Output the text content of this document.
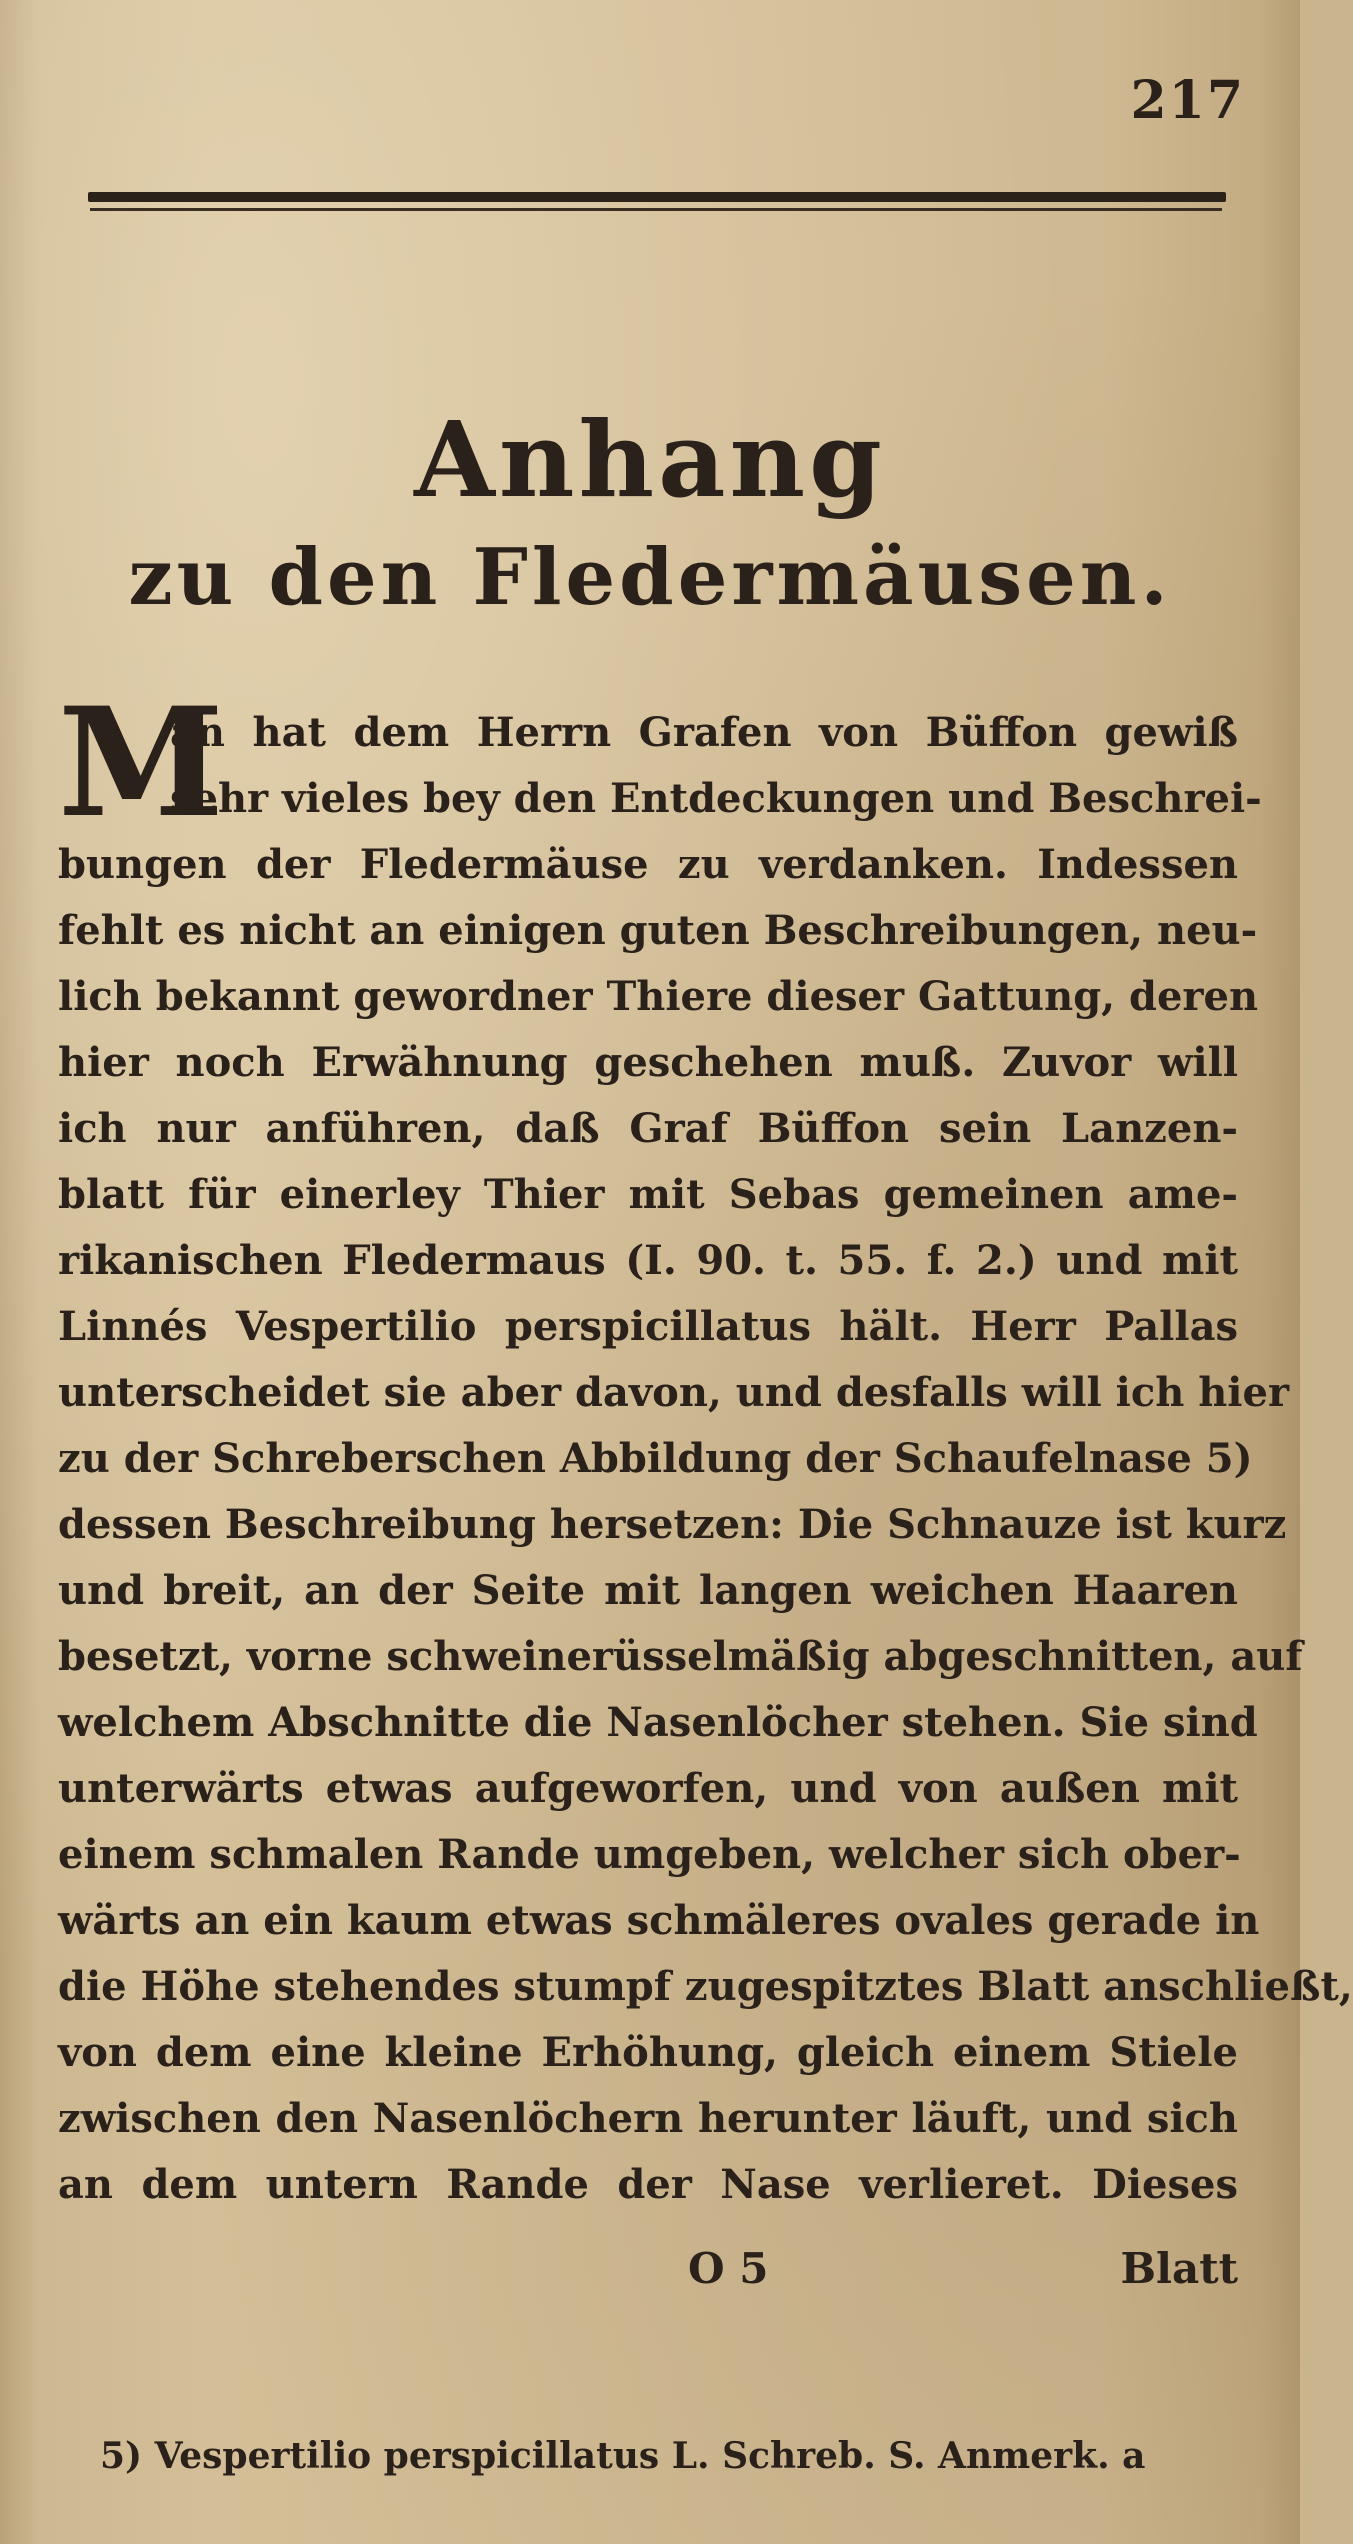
217
Anhang
zu den Fledermäusen.
M
an hat dem Herrn Grafen von Büffon gewiß
sehr vieles bey den Entdeckungen und Beschrei-
bungen der Fledermäuse zu verdanken. Indessen
fehlt es nicht an einigen guten Beschreibungen, neu-
lich bekannt gewordner Thiere dieser Gattung, deren
hier noch Erwähnung geschehen muß. Zuvor will
ich nur anführen, daß Graf Büffon sein Lanzen-
blatt für einerley Thier mit Sebas gemeinen ame-
rikanischen Fledermaus (I. 90. t. 55. f. 2.) und mit
Linnés Vespertilio perspicillatus hält. Herr Pallas
unterscheidet sie aber davon, und desfalls will ich hier
zu der Schreberschen Abbildung der Schaufelnase 5)
dessen Beschreibung hersetzen: Die Schnauze ist kurz
und breit, an der Seite mit langen weichen Haaren
besetzt, vorne schweinerüsselmäßig abgeschnitten, auf
welchem Abschnitte die Nasenlöcher stehen. Sie sind
unterwärts etwas aufgeworfen, und von außen mit
einem schmalen Rande umgeben, welcher sich ober-
wärts an ein kaum etwas schmäleres ovales gerade in
die Höhe stehendes stumpf zugespitztes Blatt anschließt,
von dem eine kleine Erhöhung, gleich einem Stiele
zwischen den Nasenlöchern herunter läuft, und sich
an dem untern Rande der Nase verlieret. Dieses
O 5	Blatt
5) Vespertilio perspicillatus L. Schreb. S. Anmerk. a
